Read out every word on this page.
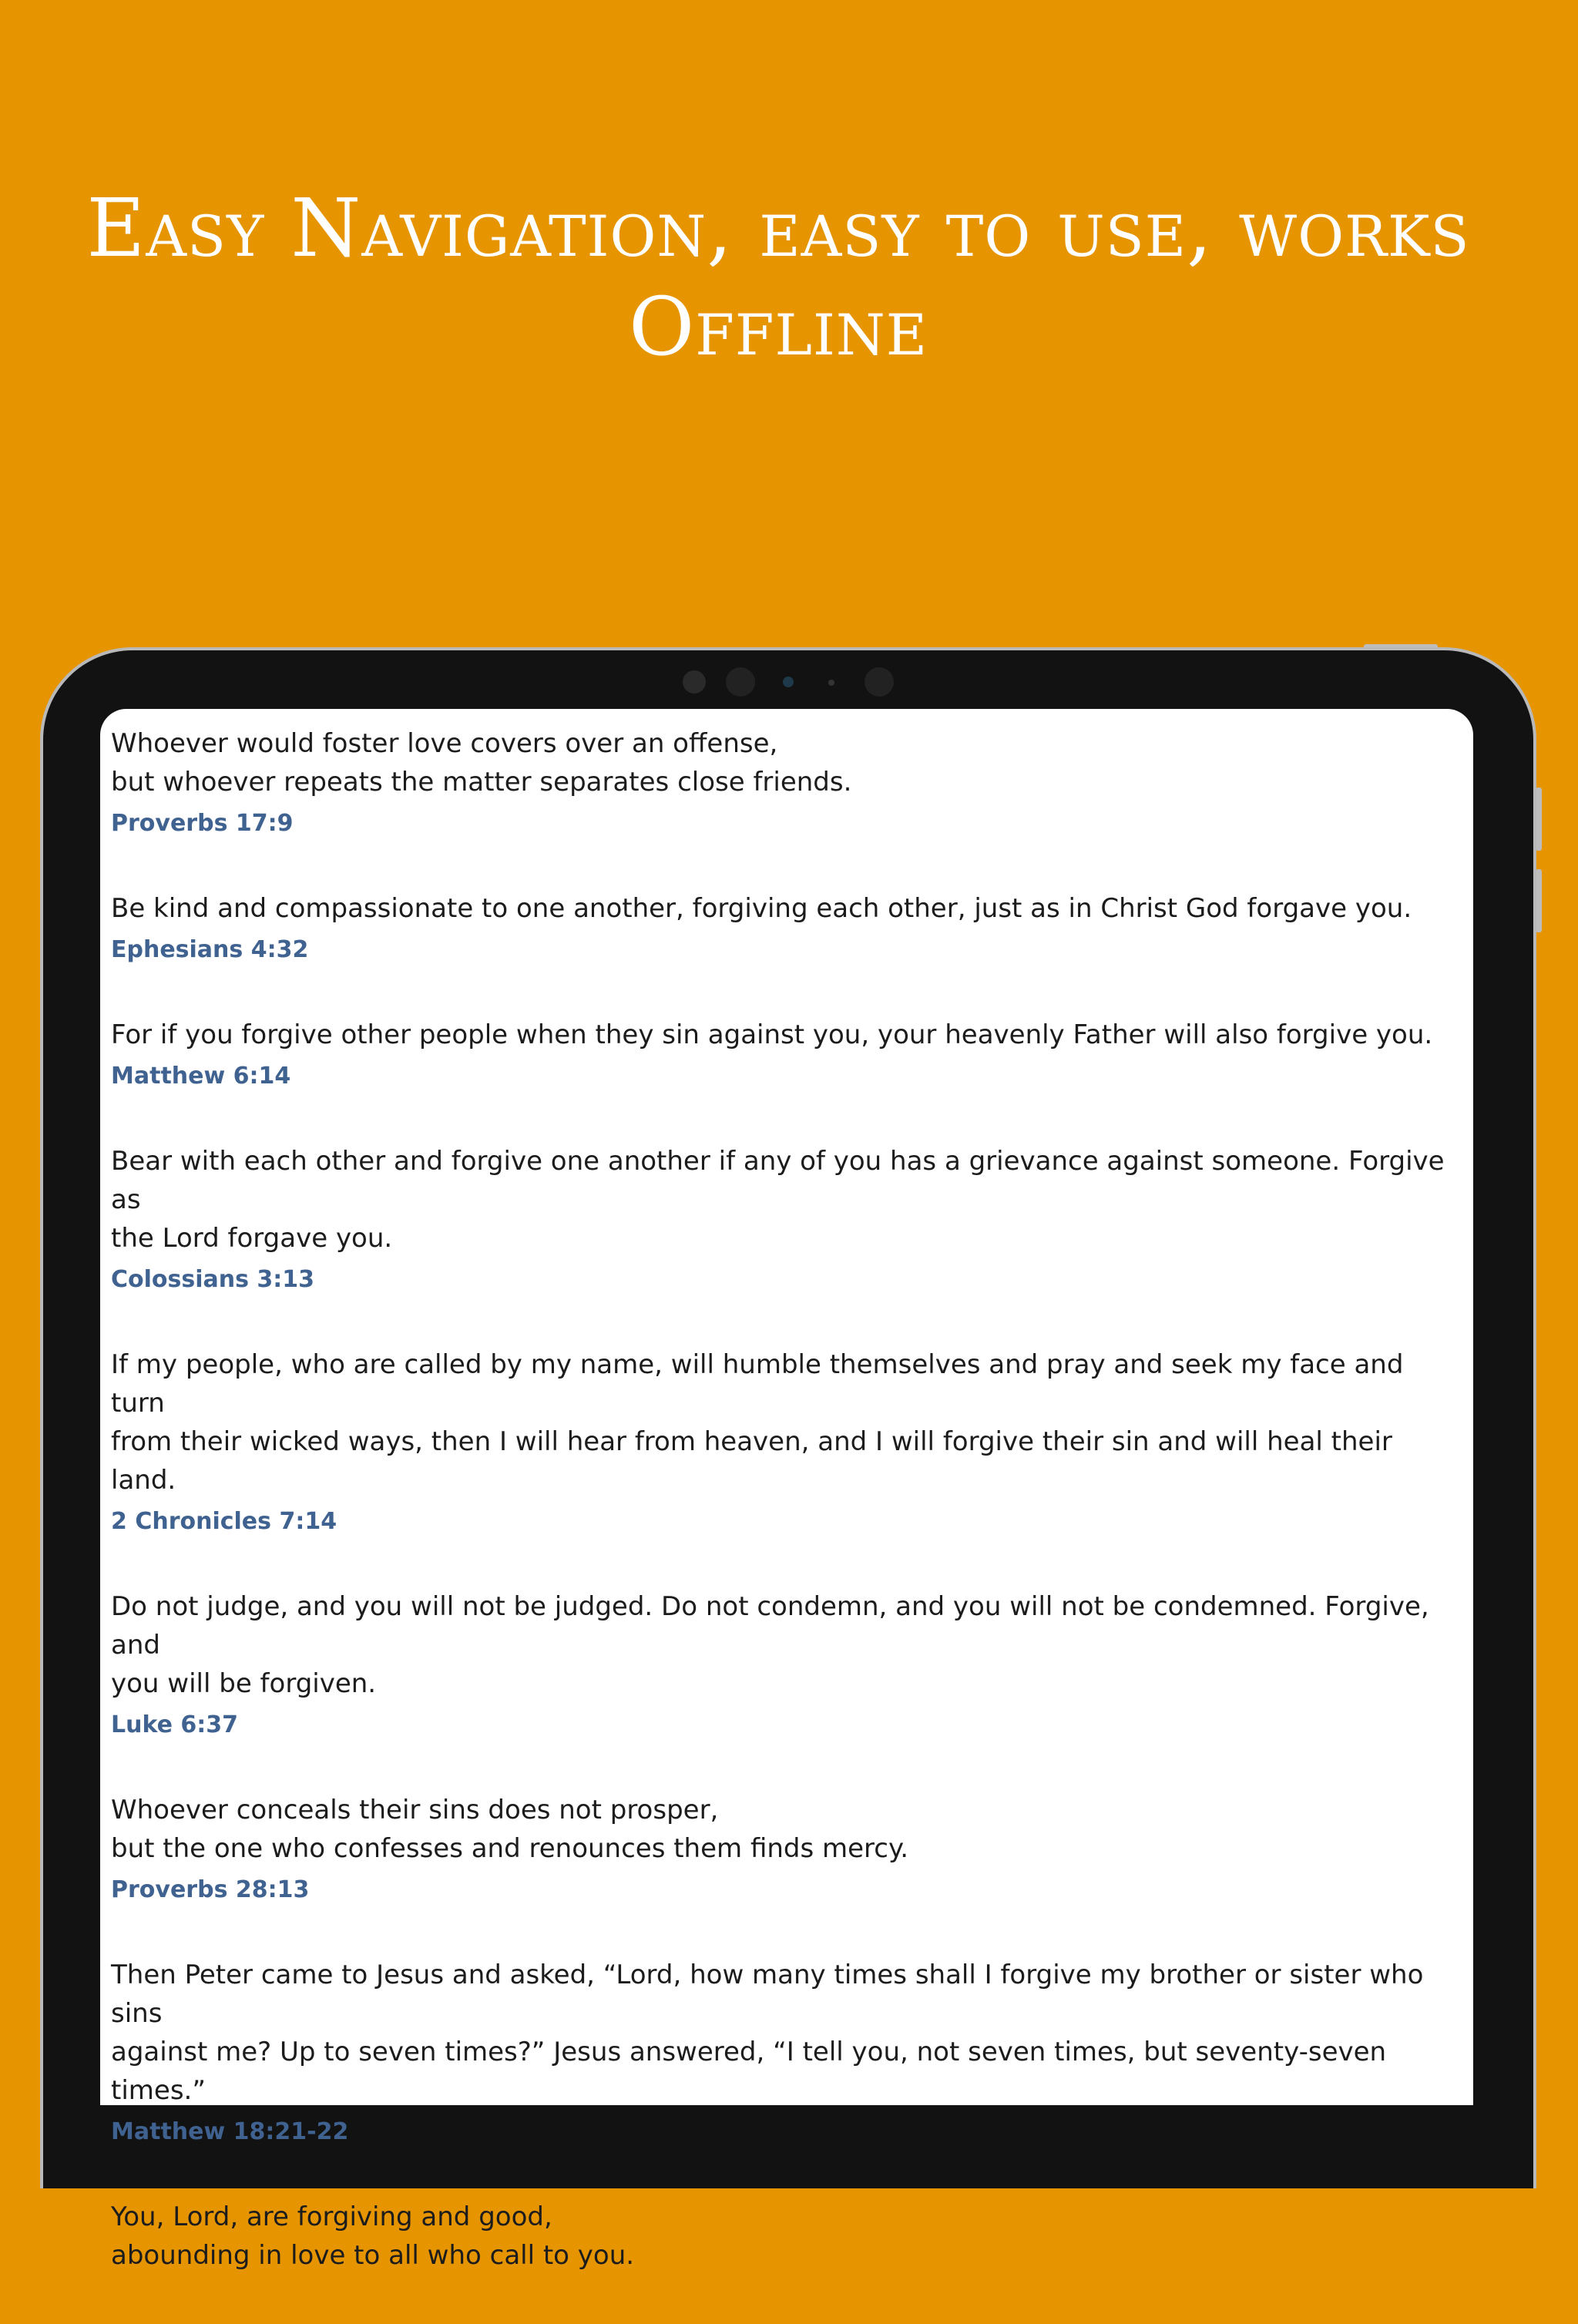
Easy Navigation, easy to use, works Offline
Whoever would foster love covers over an offense,
but whoever repeats the matter separates close friends.
Proverbs 17:9
Be kind and compassionate to one another, forgiving each other, just as in Christ God forgave you.
Ephesians 4:32
For if you forgive other people when they sin against you, your heavenly Father will also forgive you.
Matthew 6:14
Bear with each other and forgive one another if any of you has a grievance against someone. Forgive as
the Lord forgave you.
Colossians 3:13
If my people, who are called by my name, will humble themselves and pray and seek my face and turn
from their wicked ways, then I will hear from heaven, and I will forgive their sin and will heal their land.
2 Chronicles 7:14
Do not judge, and you will not be judged. Do not condemn, and you will not be condemned. Forgive, and
you will be forgiven.
Luke 6:37
Whoever conceals their sins does not prosper,
but the one who confesses and renounces them finds mercy.
Proverbs 28:13
Then Peter came to Jesus and asked, “Lord, how many times shall I forgive my brother or sister who sins
against me? Up to seven times?” Jesus answered, “I tell you, not seven times, but seventy-seven times.”
Matthew 18:21-22
You, Lord, are forgiving and good,
abounding in love to all who call to you.
